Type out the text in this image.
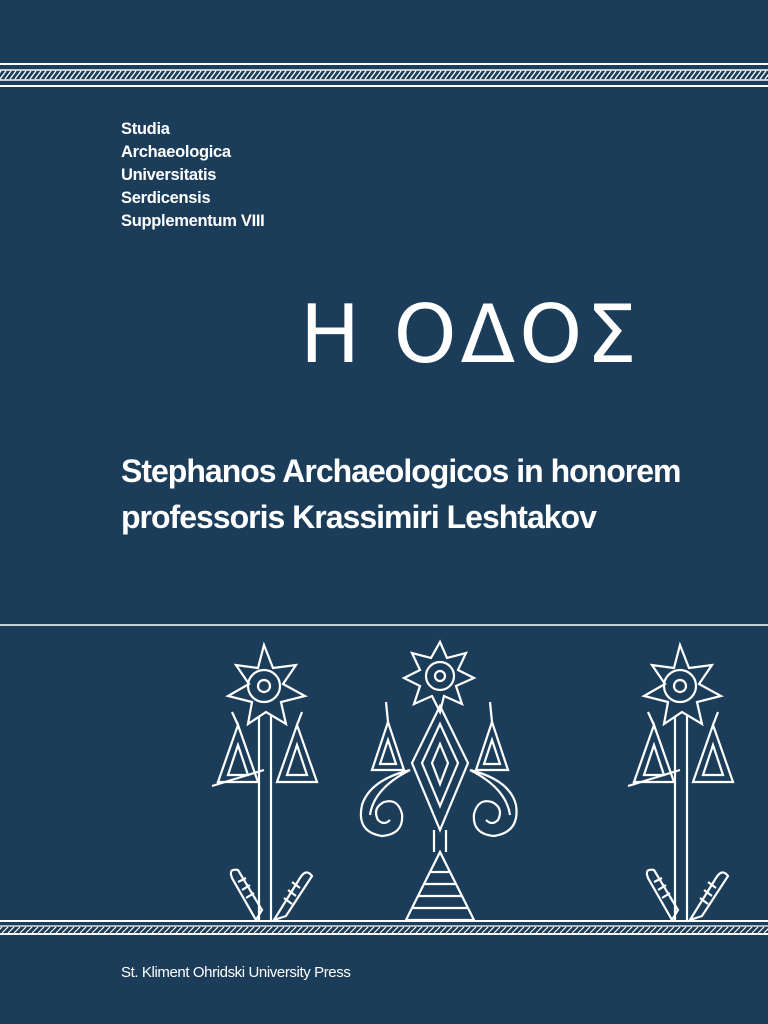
Studia
Archaeologica
Universitatis
Serdicensis
Supplementum VIII
Η ΟΔΟΣ
Stephanos Archaeologicos in honorem
professoris Krassimiri Leshtakov
St. Kliment Ohridski University Press
